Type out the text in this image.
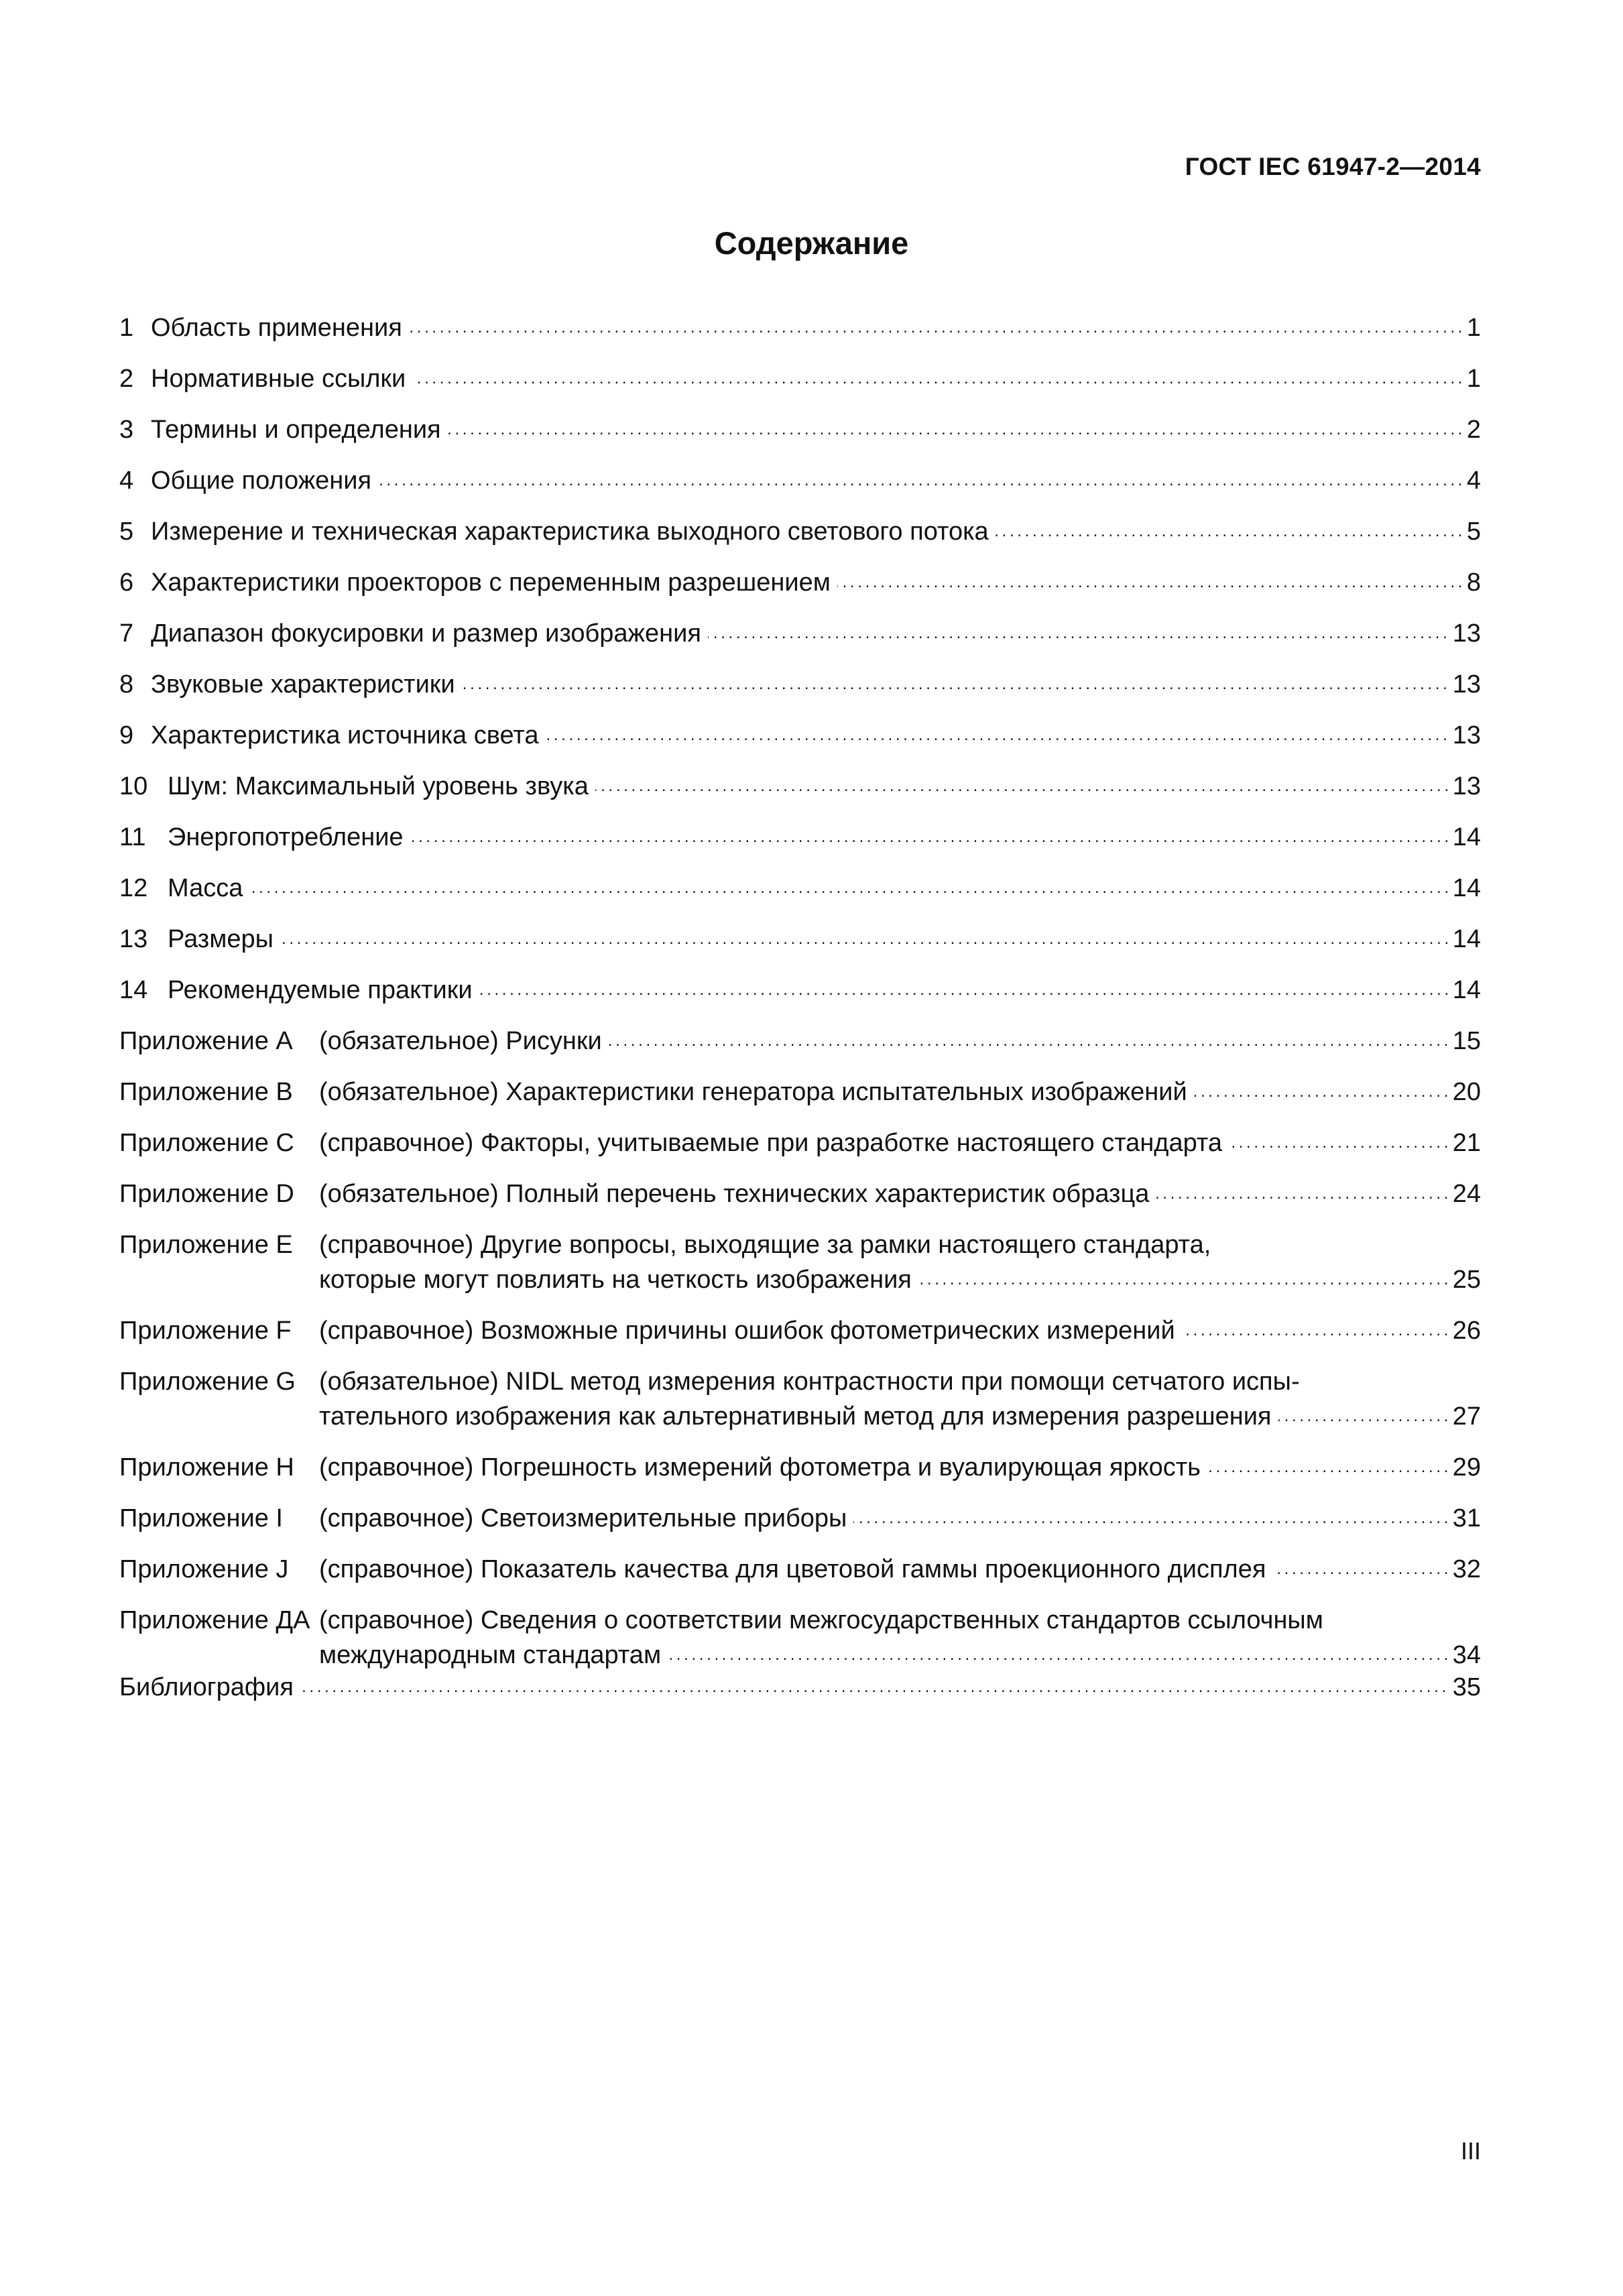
ГОСТ IEC 61947-2—2014
Содержание
1 Область применения . . .	1
2 Нормативные ссылки . . .	1
3 Термины и определения . . .	2
4 Общие положения . . .	4
5 Измерение и техническая характеристика выходного светового потока . . .	5
6 Характеристики проекторов с переменным разрешением . . .	8
7 Диапазон фокусировки и размер изображения . . .	13
8 Звуковые характеристики . . .	13
9 Характеристика источника света . . .	13
10 Шум: Максимальный уровень звука . . .	13
11 Энергопотребление . . .	14
12 Масса . . .	14
13 Размеры . . .	14
14 Рекомендуемые практики . . .	14
Приложение A	(обязательное) Рисунки . . .	15
Приложение B	(обязательное) Характеристики генератора испытательных изображений . . .	20
Приложение C (справочное) Факторы, учитываемые при разработке настоящего стандарта . . .	21
Приложение D (обязательное) Полный перечень технических характеристик образца . . .	24
Приложение E	(справочное) Другие вопросы, выходящие за рамки настоящего стандарта,
которые могут повлиять на четкость изображения . . .	25
Приложение F	(справочное) Возможные причины ошибок фотометрических измерений . . .	26
Приложение G (обязательное) NIDL метод измерения контрастности при помощи сетчатого испы-
тательного изображения как альтернативный метод для измерения разрешения . . .	27
Приложение H (справочное) Погрешность измерений фотометра и вуалирующая яркость . . .	29
Приложение I	(справочное) Светоизмерительные приборы . . .	31
Приложение J	(справочное) Показатель качества для цветовой гаммы проекционного дисплея . . .	32
Приложение ДА (справочное) Сведения о соответствии межгосударственных стандартов ссылочным
международным стандартам . . .	34
Библиография . . .	35
III
